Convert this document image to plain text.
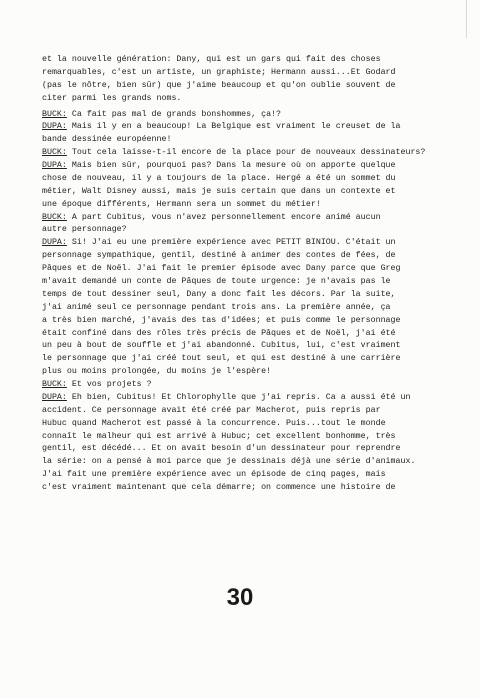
et la nouvelle génération: Dany, qui est un gars qui fait des choses
remarquables, c'est un artiste, un graphiste; Hermann aussi...Et Godard
(pas le nôtre, bien sûr) que j'aime beaucoup et qu'on oublie souvent de
citer parmi les grands noms.
BUCK: Ca fait pas mal de grands bonshommes, ça!?
DUPA: Mais il y en a beaucoup! La Belgique est vraiment le creuset de la
bande dessinée européenne!
BUCK: Tout cela laisse-t-il encore de la place pour de nouveaux dessinateurs?
DUPA: Mais bien sûr, pourquoi pas? Dans la mesure où on apporte quelque
chose de nouveau, il y a toujours de la place. Hergé a été un sommet du
métier, Walt Disney aussi, mais je suis certain que dans un contexte et
une époque différents, Hermann sera un sommet du métier!
BUCK: A part Cubitus, vous n'avez personnellement encore animé aucun
autre personnage?
DUPA: Si! J'ai eu une première expérience avec PETIT BINIOU. C'était un
personnage sympathique, gentil, destiné à animer des contes de fées, de
Pâques et de Noël. J'ai fait le premier épisode avec Dany parce que Greg
m'avait demandé un conte de Pâques de toute urgence: je n'avais pas le
temps de tout dessiner seul, Dany a donc fait les décors. Par la suite,
j'ai animé seul ce personnage pendant trois ans. La première année, ça
a très bien marché, j'avais des tas d'idées; et puis comme le personnage
était confiné dans des rôles très précis de Pâques et de Noël, j'ai été
un peu à bout de souffle et j'ai abandonné. Cubitus, lui, c'est vraiment
le personnage que j'ai créé tout seul, et qui est destiné à une carrière
plus ou moins prolongée, du moins je l'espère!
BUCK: Et vos projets ?
DUPA: Eh bien, Cubitus! Et Chlorophylle que j'ai repris. Ca a aussi été un
accident. Ce personnage avait été créé par Macherot, puis repris par
Hubuc quand Macherot est passé à la concurrence. Puis...tout le monde
connaît le malheur qui est arrivé à Hubuc; cet excellent bonhomme, très
gentil, est décédé... Et on avait besoin d'un dessinateur pour reprendre
la série: on a pensé à moi parce que je dessinais déjà une série d'animaux.
J'ai fait une première expérience avec un épisode de cinq pages, mais
c'est vraiment maintenant que cela démarre; on commence une histoire de
30
